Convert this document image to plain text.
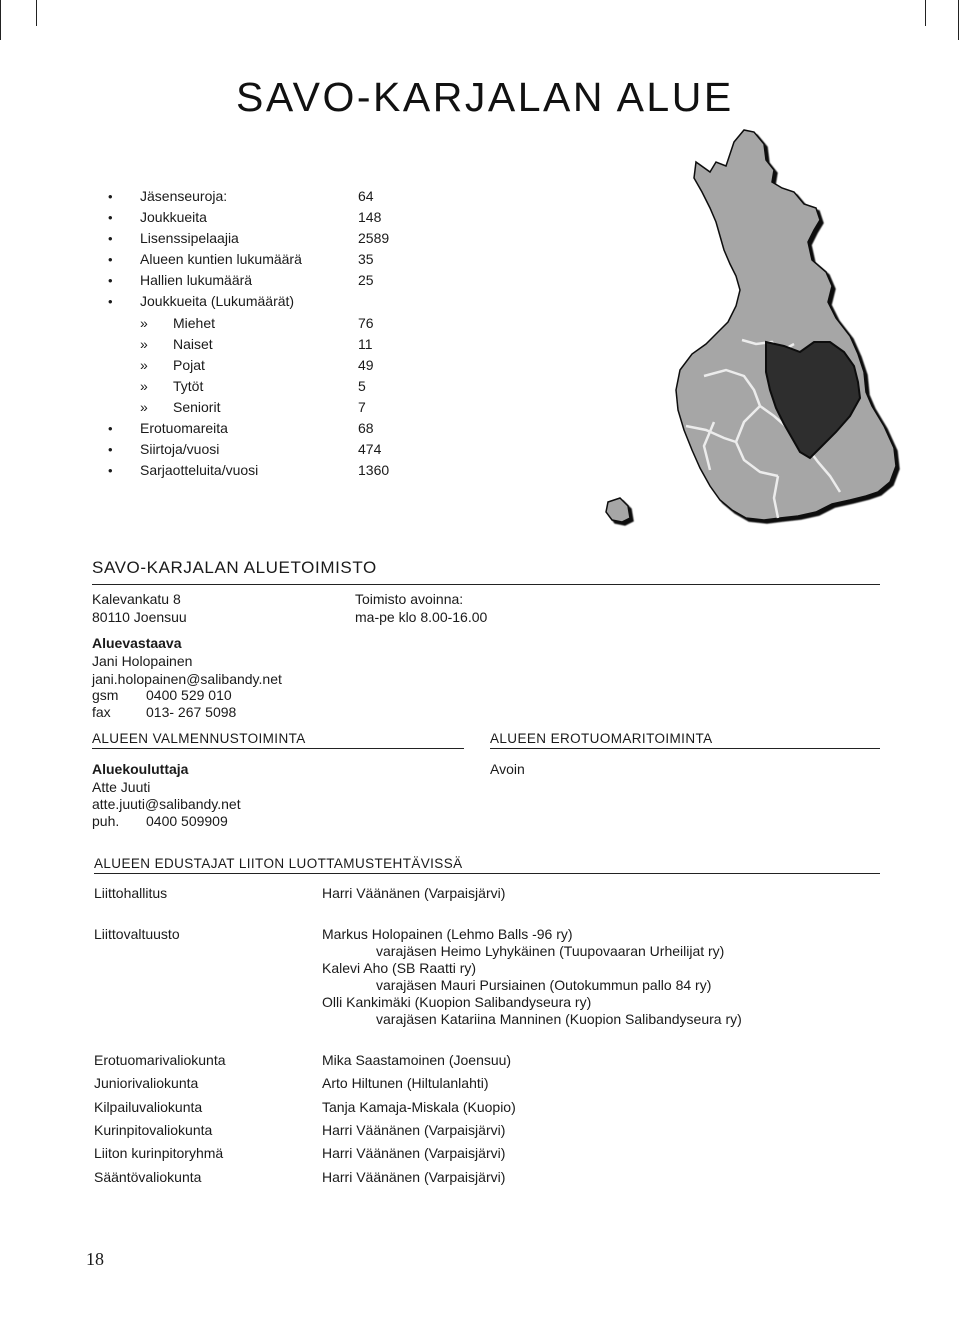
SAVO-KARJALAN ALUE
• Jäsenseuroja:	64
• Joukkueita	148
• Lisenssipelaajia	2589
• Alueen kuntien lukumäärä	35
• Hallien lukumäärä	25
• Joukkueita (Lukumäärät)
» Miehet	76
» Naiset	11
» Pojat	49
» Tytöt	5
» Seniorit	7
• Erotuomareita	68
• Siirtoja/vuosi	474
• Sarjaotteluita/vuosi	1360
SAVO-KARJALAN ALUETOIMISTO
Kalevankatu 8
80110 Joensuu
Toimisto avoinna:
ma-pe klo 8.00-16.00
Aluevastaava
Jani Holopainen
jani.holopainen@salibandy.net
gsm 0400 529 010
fax	013- 267 5098
ALUEEN VALMENNUSTOIMINTA
Aluekouluttaja
Atte Juuti
atte.juuti@salibandy.net
puh. 0400 509909
ALUEEN EROTUOMARITOIMINTA
Avoin
ALUEEN EDUSTAJAT LIITON LUOTTAMUSTEHTÄVISSÄ
Liittohallitus	Harri Väänänen (Varpaisjärvi)
Liittovaltuusto	Markus Holopainen (Lehmo Balls -96 ry)
varajäsen Heimo Lyhykäinen (Tuupovaaran Urheilijat ry)
Kalevi Aho (SB Raatti ry)
varajäsen Mauri Pursiainen (Outokummun pallo 84 ry)
Olli Kankimäki (Kuopion Salibandyseura ry)
varajäsen Katariina Manninen (Kuopion Salibandyseura ry)
Erotuomarivaliokunta	Mika Saastamoinen (Joensuu)
Juniorivaliokunta	Arto Hiltunen (Hiltulanlahti)
Kilpailuvaliokunta	Tanja Kamaja-Miskala (Kuopio)
Kurinpitovaliokunta	Harri Väänänen (Varpaisjärvi)
Liiton kurinpitoryhmä	Harri Väänänen (Varpaisjärvi)
Sääntövaliokunta	Harri Väänänen (Varpaisjärvi)
18
